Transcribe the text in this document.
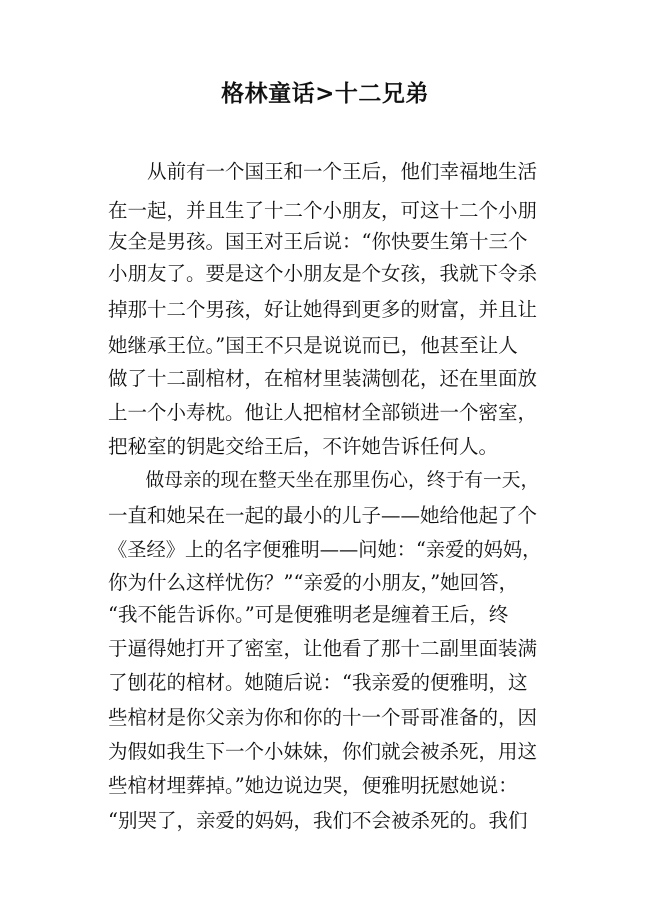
格林童话>十二兄弟

　　从前有一个国王和一个王后，他们幸福地生活

在一起，并且生了十二个小朋友，可这十二个小朋

友全是男孩。国王对王后说：“你快要生第十三个

小朋友了。要是这个小朋友是个女孩，我就下令杀

掉那十二个男孩，好让她得到更多的财富，并且让

她继承王位。”国王不只是说说而已，他甚至让人

做了十二副棺材，在棺材里装满刨花，还在里面放

上一个小寿枕。他让人把棺材全部锁进一个密室，

把秘室的钥匙交给王后，不许她告诉任何人。

　　做母亲的现在整天坐在那里伤心，终于有一天，

一直和她呆在一起的最小的儿子——她给他起了个

《圣经》上的名字便雅明——问她：“亲爱的妈妈，

你为什么这样忧伤？”“亲爱的小朋友，”她回答，

“我不能告诉你。”可是便雅明老是缠着王后，终

于逼得她打开了密室，让他看了那十二副里面装满

了刨花的棺材。她随后说：“我亲爱的便雅明，这

些棺材是你父亲为你和你的十一个哥哥准备的，因

为假如我生下一个小妹妹，你们就会被杀死，用这

些棺材埋葬掉。”她边说边哭，便雅明抚慰她说：

“别哭了，亲爱的妈妈，我们不会被杀死的。我们
